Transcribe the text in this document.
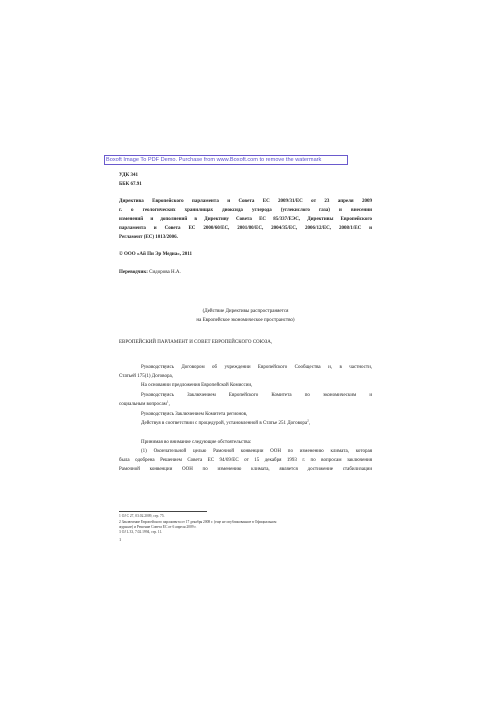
Boxoft Image To PDF Demo. Purchase from www.Boxoft.com to remove the watermark
УДК 341
ББК 67.91
Директива Европейского парламента и Совета ЕС 2009/31/ЕС от 23 апреля 2009
г. о геологических хранилищах диоксида углерода (углекислого газа) и внесении
изменений и дополнений в Директиву Совета ЕС 85/337/ЕЭС, Директивы Европейского
парламента и Совета ЕС 2000/60/ЕС, 2001/80/ЕС, 2004/35/ЕС, 2006/12/ЕС, 2008/1/ЕС и
Регламент (ЕС) 1013/2006.
© ООО «Ай Пи Эр Медиа», 2011
Переводчик: Сидорова Н.А.
(Действие Директивы распространяется
на Европейское экономическое пространство)
ЕВРОПЕЙСКИЙ ПАРЛАМЕНТ И СОВЕТ ЕВРОПЕЙСКОГО СОЮЗА,
Руководствуясь Договором об учреждении Европейского Сообщества и, в частности,
Статьей 175(1) Договора,
На основании предложения Европейской Комиссии,
Руководствуясь Заключением Европейского Комитета по экономическим и
социальным вопросам$^1$,
Руководствуясь Заключением Комитета регионов,
Действуя в соответствии с процедурой, установленной в Статье 251 Договора$^2$,
Принимая во внимание следующие обстоятельства:
(1) Окончательной целью Рамочной конвенции ООН по изменению климата, которая
была одобрена Решением Совета ЕС 94/69/ЕС от 15 декабря 1993 г. по вопросам заключения
Рамочной конвенции ООН по изменению климата, является достижение стабилизации
1 OJ С 27, 03.02.2009, стр. 75.
2 Заключение Европейского парламента от 17 декабря 2008 г. (еще не опубликованное в Официальном
журнале) и Решение Совета ЕС от 6 апреля 2009 г.
3 OJ L 33, 7.02.1994, стр. 11.
1
